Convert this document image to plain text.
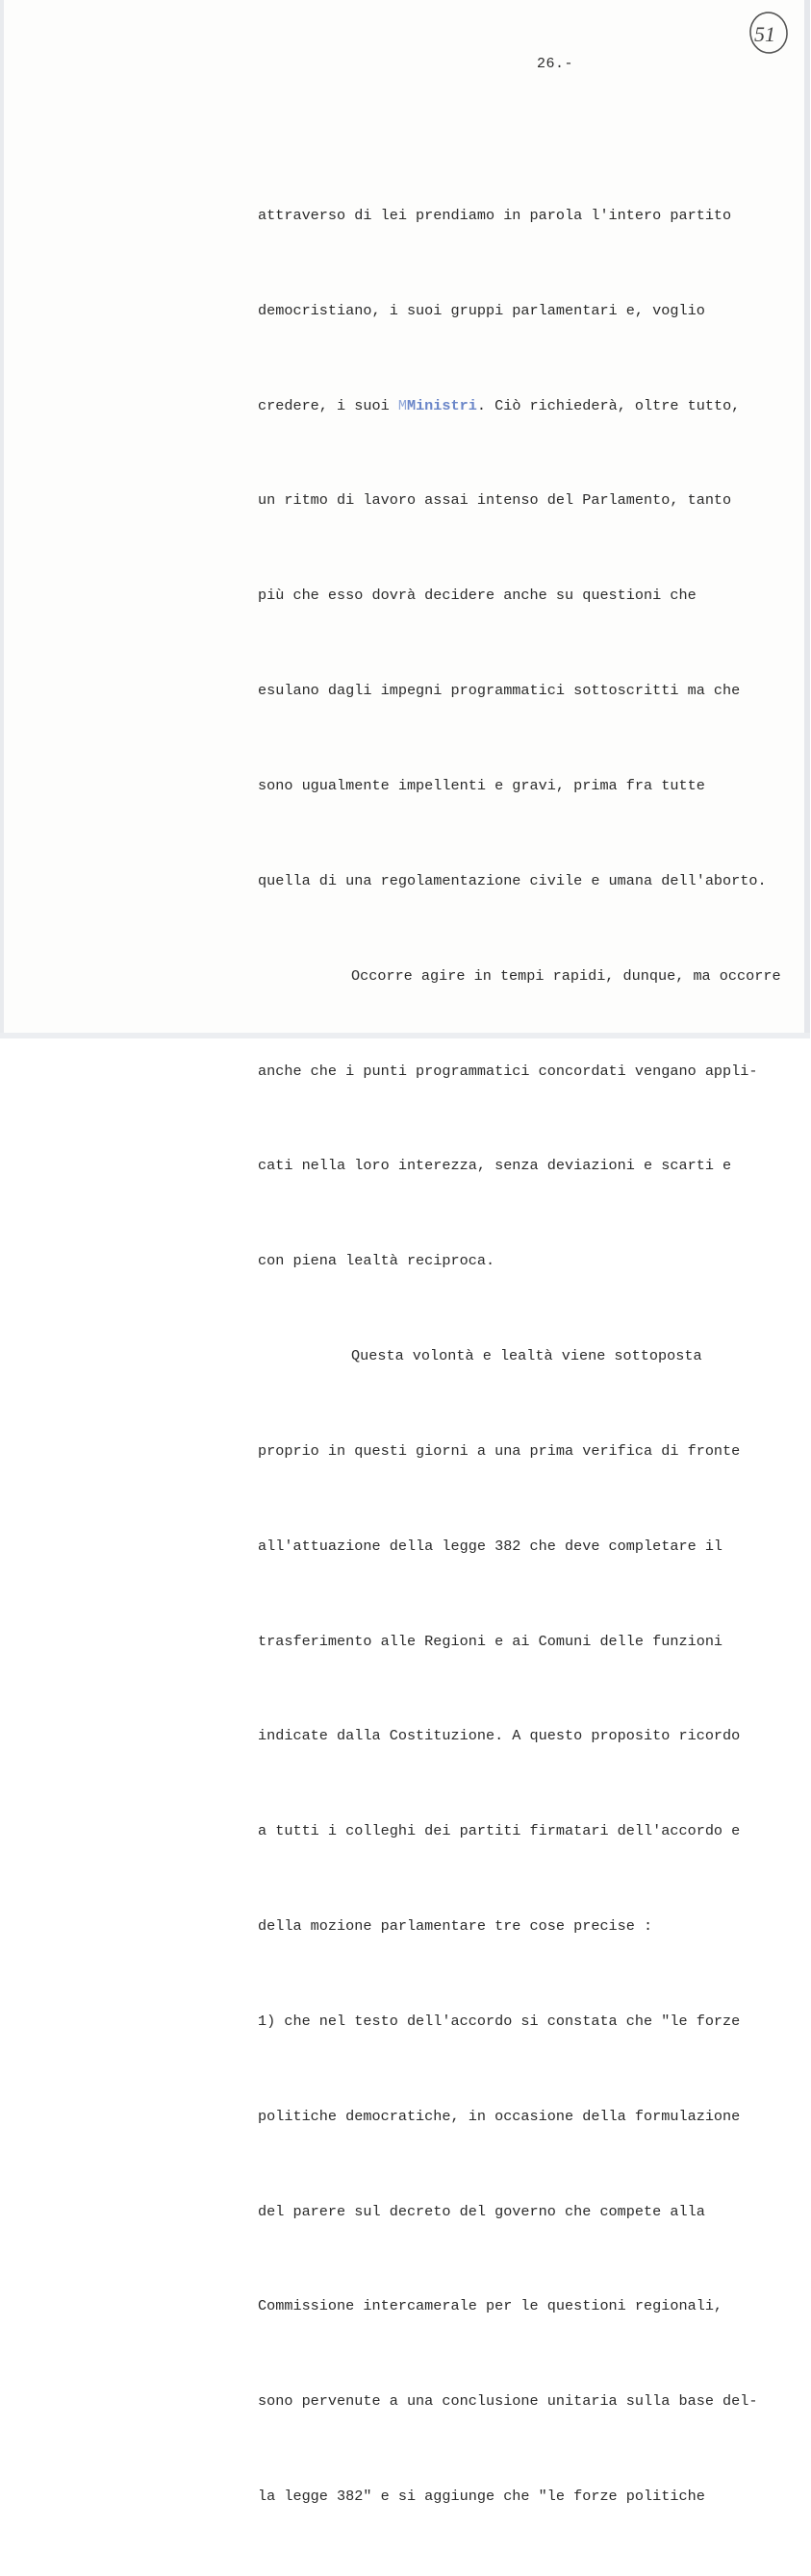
26.-
51

attraverso di lei prendiamo in parola l'intero partito

democristiano, i suoi gruppi parlamentari e, voglio

credere, i suoi MMinistri. Ciò richiederà, oltre tutto,

un ritmo di lavoro assai intenso del Parlamento, tanto

più che esso dovrà decidere anche su questioni che

esulano dagli impegni programmatici sottoscritti ma che

sono ugualmente impellenti e gravi, prima fra tutte

quella di una regolamentazione civile e umana dell'aborto.

Occorre agire in tempi rapidi, dunque, ma occorre

anche che i punti programmatici concordati vengano appli-

cati nella loro interezza, senza deviazioni e scarti e

con piena lealtà reciproca.

Questa volontà e lealtà viene sottoposta

proprio in questi giorni a una prima verifica di fronte

all'attuazione della legge 382 che deve completare il

trasferimento alle Regioni e ai Comuni delle funzioni

indicate dalla Costituzione. A questo proposito ricordo

a tutti i colleghi dei partiti firmatari dell'accordo e

della mozione parlamentare tre cose precise :

1) che nel testo dell'accordo si constata che "le forze

politiche democratiche, in occasione della formulazione

del parere sul decreto del governo che compete alla

Commissione intercamerale per le questioni regionali,

sono pervenute a una conclusione unitaria sulla base del-

la legge 382" e si aggiunge che "le forze politiche
